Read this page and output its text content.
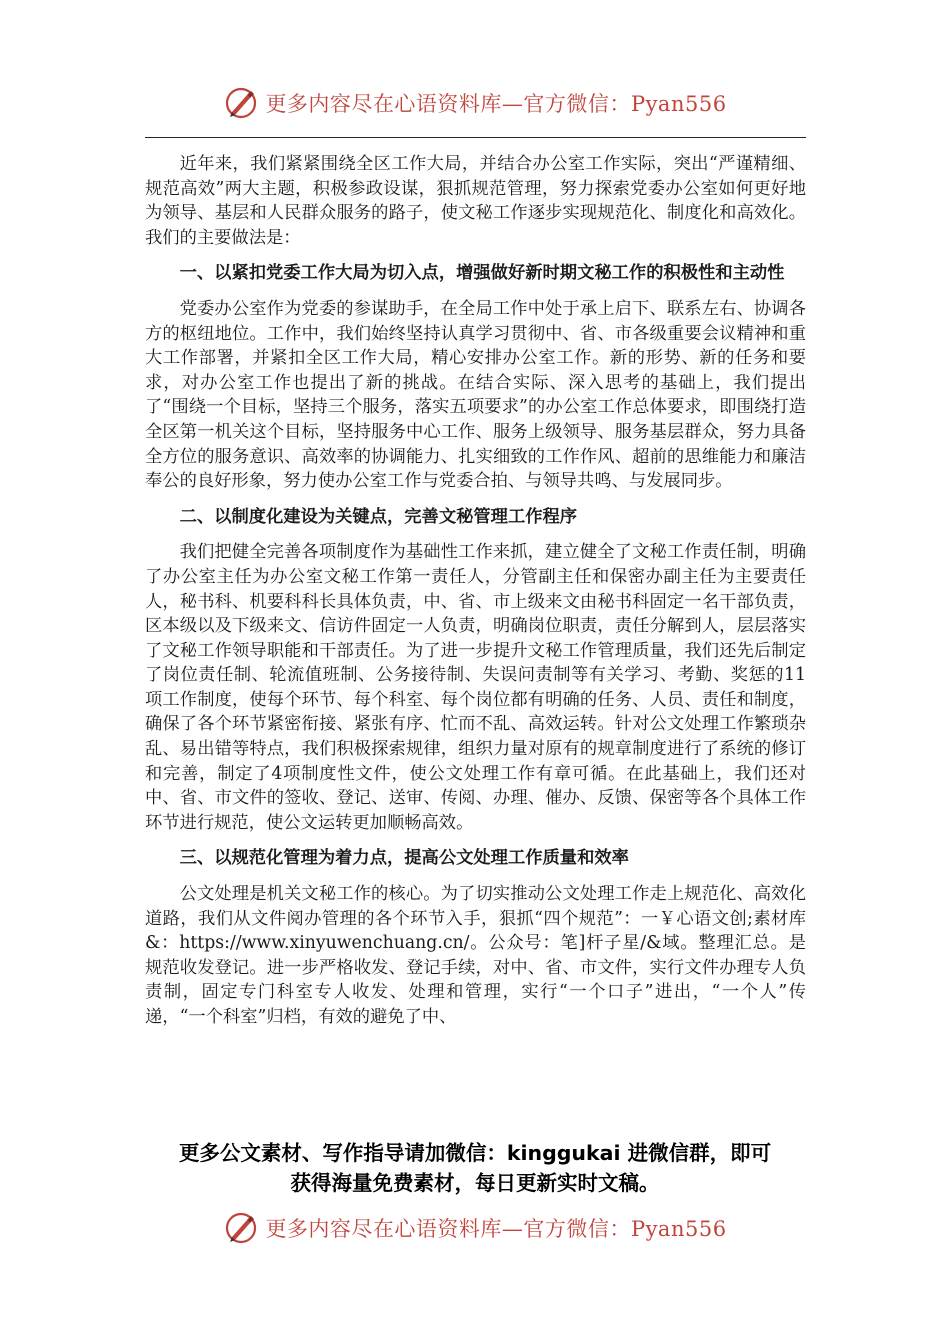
更多内容尽在心语资料库—官方微信：Pyan556

近年来，我们紧紧围绕全区工作大局，并结合办公室工作实际，突出“严谨精细、规范高效”两大主题，积极参政设谋，狠抓规范管理，努力探索党委办公室如何更好地为领导、基层和人民群众服务的路子，使文秘工作逐步实现规范化、制度化和高效化。我们的主要做法是：

一、以紧扣党委工作大局为切入点，增强做好新时期文秘工作的积极性和主动性

党委办公室作为党委的参谋助手，在全局工作中处于承上启下、联系左右、协调各方的枢纽地位。工作中，我们始终坚持认真学习贯彻中、省、市各级重要会议精神和重大工作部署，并紧扣全区工作大局，精心安排办公室工作。新的形势、新的任务和要求，对办公室工作也提出了新的挑战。在结合实际、深入思考的基础上，我们提出了“围绕一个目标，坚持三个服务，落实五项要求”的办公室工作总体要求，即围绕打造全区第一机关这个目标，坚持服务中心工作、服务上级领导、服务基层群众，努力具备全方位的服务意识、高效率的协调能力、扎实细致的工作作风、超前的思维能力和廉洁奉公的良好形象，努力使办公室工作与党委合拍、与领导共鸣、与发展同步。

二、以制度化建设为关键点，完善文秘管理工作程序

我们把健全完善各项制度作为基础性工作来抓，建立健全了文秘工作责任制，明确了办公室主任为办公室文秘工作第一责任人，分管副主任和保密办副主任为主要责任人，秘书科、机要科科长具体负责，中、省、市上级来文由秘书科固定一名干部负责，区本级以及下级来文、信访件固定一人负责，明确岗位职责，责任分解到人，层层落实了文秘工作领导职能和干部责任。为了进一步提升文秘工作管理质量，我们还先后制定了岗位责任制、轮流值班制、公务接待制、失误问责制等有关学习、考勤、奖惩的11项工作制度，使每个环节、每个科室、每个岗位都有明确的任务、人员、责任和制度，确保了各个环节紧密衔接、紧张有序、忙而不乱、高效运转。针对公文处理工作繁琐杂乱、易出错等特点，我们积极探索规律，组织力量对原有的规章制度进行了系统的修订和完善，制定了4项制度性文件，使公文处理工作有章可循。在此基础上，我们还对中、省、市文件的签收、登记、送审、传阅、办理、催办、反馈、保密等各个具体工作环节进行规范，使公文运转更加顺畅高效。

三、以规范化管理为着力点，提高公文处理工作质量和效率

公文处理是机关文秘工作的核心。为了切实推动公文处理工作走上规范化、高效化道路，我们从文件阅办管理的各个环节入手，狠抓“四个规范”：一￥心语文创;素材库&：https://www.xinyuwenchuang.cn/。公众号：笔]杆子星/&域。整理汇总。是规范收发登记。进一步严格收发、登记手续，对中、省、市文件，实行文件办理专人负责制，固定专门科室专人收发、处理和管理，实行“一个口子”进出，“一个人”传递，“一个科室”归档，有效的避免了中、

更多公文素材、写作指导请加微信：kinggukai 进微信群，即可
获得海量免费素材，每日更新实时文稿。
更多内容尽在心语资料库—官方微信：Pyan556
